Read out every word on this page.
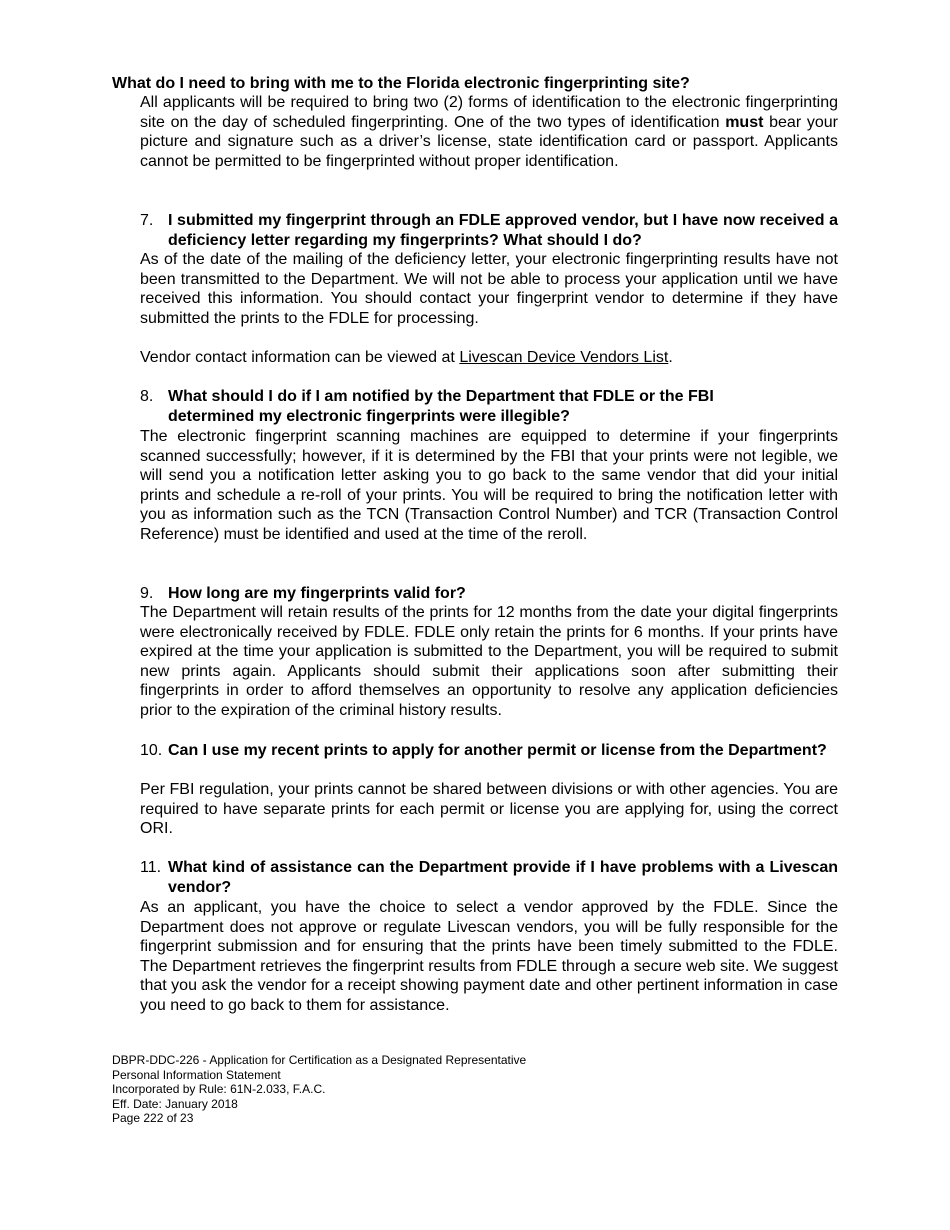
What do I need to bring with me to the Florida electronic fingerprinting site?

All applicants will be required to bring two (2) forms of identification to the electronic fingerprinting site on the day of scheduled fingerprinting. One of the two types of identification must bear your picture and signature such as a driver’s license, state identification card or passport. Applicants cannot be permitted to be fingerprinted without proper identification.

7. I submitted my fingerprint through an FDLE approved vendor, but I have now received a deficiency letter regarding my fingerprints? What should I do?

As of the date of the mailing of the deficiency letter, your electronic fingerprinting results have not been transmitted to the Department. We will not be able to process your application until we have received this information. You should contact your fingerprint vendor to determine if they have submitted the prints to the FDLE for processing.

Vendor contact information can be viewed at Livescan Device Vendors List.

8. What should I do if I am notified by the Department that FDLE or the FBI
determined my electronic fingerprints were illegible?

The electronic fingerprint scanning machines are equipped to determine if your fingerprints scanned successfully; however, if it is determined by the FBI that your prints were not legible, we will send you a notification letter asking you to go back to the same vendor that did your initial prints and schedule a re-roll of your prints. You will be required to bring the notification letter with you as information such as the TCN (Transaction Control Number) and TCR (Transaction Control Reference) must be identified and used at the time of the reroll.

9. How long are my fingerprints valid for?

The Department will retain results of the prints for 12 months from the date your digital fingerprints were electronically received by FDLE. FDLE only retain the prints for 6 months. If your prints have expired at the time your application is submitted to the Department, you will be required to submit new prints again. Applicants should submit their applications soon after submitting their fingerprints in order to afford themselves an opportunity to resolve any application deficiencies prior to the expiration of the criminal history results.

10. Can I use my recent prints to apply for another permit or license from the Department?

Per FBI regulation, your prints cannot be shared between divisions or with other agencies. You are required to have separate prints for each permit or license you are applying for, using the correct ORI.

11. What kind of assistance can the Department provide if I have problems with a Livescan vendor?

As an applicant, you have the choice to select a vendor approved by the FDLE. Since the Department does not approve or regulate Livescan vendors, you will be fully responsible for the fingerprint submission and for ensuring that the prints have been timely submitted to the FDLE. The Department retrieves the fingerprint results from FDLE through a secure web site. We suggest that you ask the vendor for a receipt showing payment date and other pertinent information in case you need to go back to them for assistance.

DBPR-DDC-226 - Application for Certification as a Designated Representative
Personal Information Statement
Incorporated by Rule: 61N-2.033, F.A.C.
Eff. Date: January 2018
Page 222 of 23
